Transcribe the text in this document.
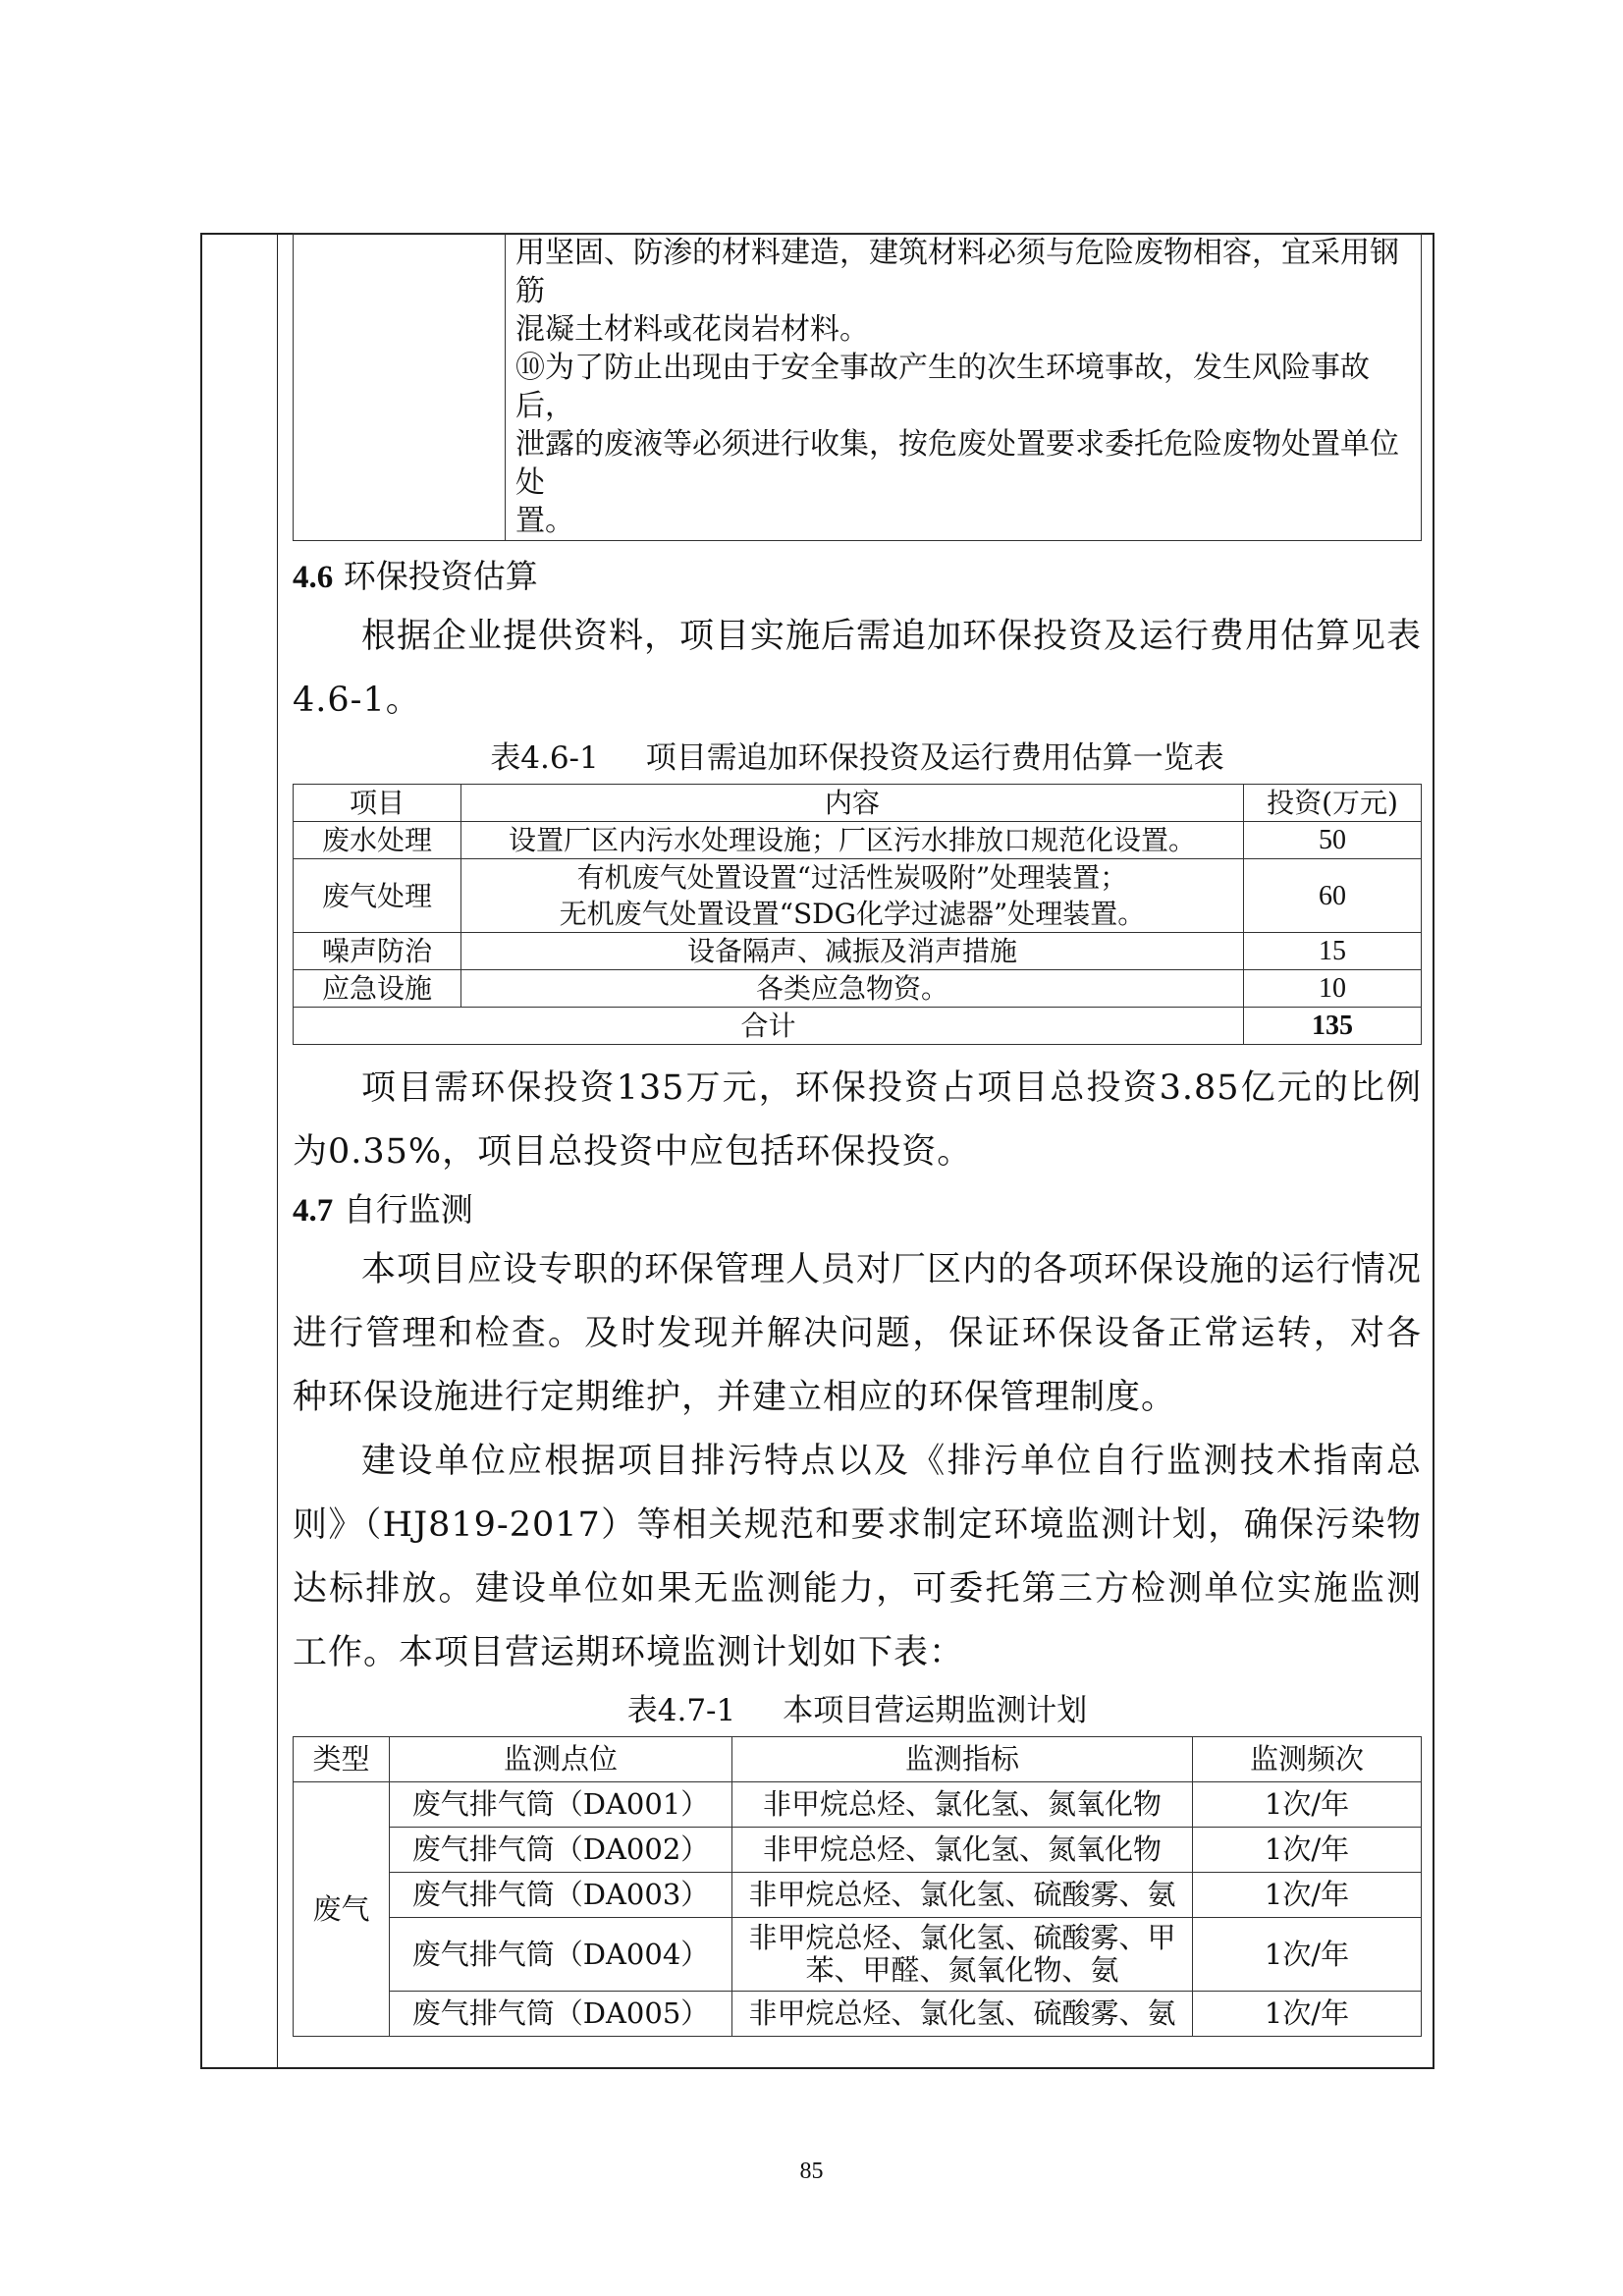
用坚固、防渗的材料建造，建筑材料必须与危险废物相容，宜采用钢筋
混凝土材料或花岗岩材料。
⑩为了防止出现由于安全事故产生的次生环境事故，发生风险事故后，
泄露的废液等必须进行收集，按危废处置要求委托危险废物处置单位处
置。
4.6 环保投资估算

根据企业提供资料，项目实施后需追加环保投资及运行费用估算见表4.6-1。

表4.6-1 项目需追加环保投资及运行费用估算一览表
项目	内容	投资(万元)
废水处理	设置厂区内污水处理设施；厂区污水排放口规范化设置。	50
废气处理	有机废气处置设置“过活性炭吸附”处理装置；
无机废气处置设置“SDG化学过滤器”处理装置。	60
噪声防治	设备隔声、减振及消声措施	15
应急设施	各类应急物资。	10
合计		135

项目需环保投资135万元，环保投资占项目总投资3.85亿元的比例为0.35%，项目总投资中应包括环保投资。

4.7 自行监测

本项目应设专职的环保管理人员对厂区内的各项环保设施的运行情况进行管理和检查。及时发现并解决问题，保证环保设备正常运转，对各种环保设施进行定期维护，并建立相应的环保管理制度。

建设单位应根据项目排污特点以及《排污单位自行监测技术指南总则》（HJ819-2017）等相关规范和要求制定环境监测计划，确保污染物达标排放。建设单位如果无监测能力，可委托第三方检测单位实施监测工作。本项目营运期环境监测计划如下表：

表4.7-1 本项目营运期监测计划
类型	监测点位	监测指标	监测频次
废气	废气排气筒（DA001）	非甲烷总烃、氯化氢、氮氧化物	1次/年
	废气排气筒（DA002）	非甲烷总烃、氯化氢、氮氧化物	1次/年
	废气排气筒（DA003）	非甲烷总烃、氯化氢、硫酸雾、氨	1次/年
	废气排气筒（DA004）	非甲烷总烃、氯化氢、硫酸雾、甲
苯、甲醛、氮氧化物、氨	1次/年
	废气排气筒（DA005）	非甲烷总烃、氯化氢、硫酸雾、氨	1次/年
85
